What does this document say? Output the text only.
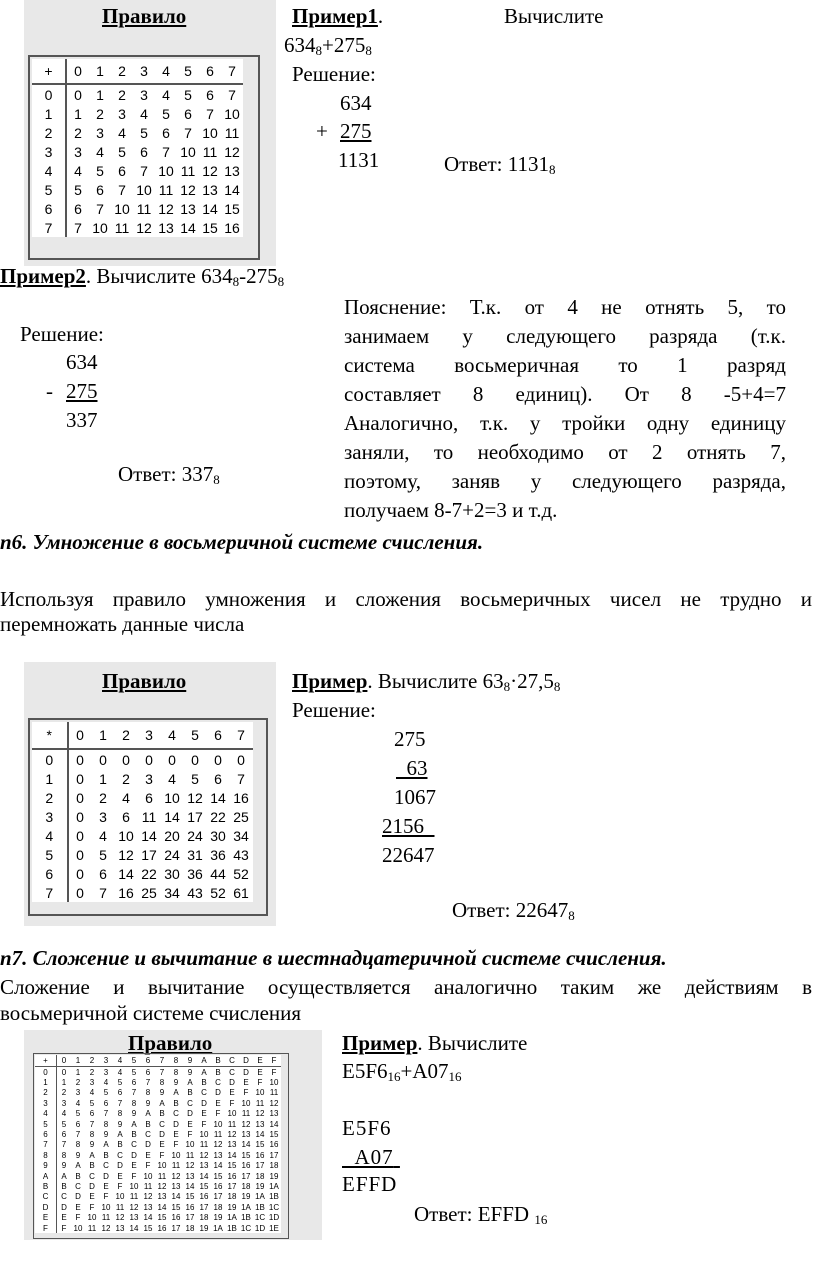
Правило
+	0	1	2	3	4	5	6	7
0	0	1	2	3	4	5	6	7
1	1	2	3	4	5	6	7	10
2	2	3	4	5	6	7	10	11
3	3	4	5	6	7	10	11	12
4	4	5	6	7	10	11	12	13
5	5	6	7	10	11	12	13	14
6	6	7	10	11	12	13	14	15
7	7	10	11	12	13	14	15	16
Пример1.	Вычислите
$634_8+275_8$
Решение:
634
+ 275
1131	Ответ: $1131_8$
Пример2. Вычислите $634_8-275_8$
Решение:
634
- 275
337
Ответ: $337_8$
Пояснение: Т.к. от 4 не отнять 5, то
занимаем у следующего разряда (т.к.
система восьмеричная то 1 разряд
составляет 8 единиц). От 8 -5+4=7
Аналогично, т.к. у тройки одну единицу
заняли, то необходимо от 2 отнять 7,
поэтому, заняв у следующего разряда,
получаем 8-7+2=3 и т.д.
п6. Умножение в восьмеричной системе счисления.
Используя правило умножения и сложения восьмеричных чисел не трудно и
перемножать данные числа
Правило
*	0	1	2	3	4	5	6	7
0	0	0	0	0	0	0	0	0
1	0	1	2	3	4	5	6	7
2	0	2	4	6	10	12	14	16
3	0	3	6	11	14	17	22	25
4	0	4	10	14	20	24	30	34
5	0	5	12	17	24	31	36	43
6	0	6	14	22	30	36	44	52
7	0	7	16	25	34	43	52	61
Пример. Вычислите $63_8\cdot 27,5_8$
Решение:
275
63
1067
2156
22647
Ответ: $22647_8$
п7. Сложение и вычитание в шестнадцатеричной системе счисления.
Сложение и вычитание осуществляется аналогично таким же действиям в
восьмеричной системе счисления
Правило
+	0	1	2	3	4	5	6	7	8	9	A	B	C	D	E	F
0	0	1	2	3	4	5	6	7	8	9	A	B	C	D	E	F
1	1	2	3	4	5	6	7	8	9	A	B	C	D	E	F	10
2	2	3	4	5	6	7	8	9	A	B	C	D	E	F	10	11
3	3	4	5	6	7	8	9	A	B	C	D	E	F	10	11	12
4	4	5	6	7	8	9	A	B	C	D	E	F	10	11	12	13
5	5	6	7	8	9	A	B	C	D	E	F	10	11	12	13	14
6	6	7	8	9	A	B	C	D	E	F	10	11	12	13	14	15
7	7	8	9	A	B	C	D	E	F	10	11	12	13	14	15	16
8	8	9	A	B	C	D	E	F	10	11	12	13	14	15	16	17
9	9	A	B	C	D	E	F	10	11	12	13	14	15	16	17	18
A	A	B	C	D	E	F	10	11	12	13	14	15	16	17	18	19
B	B	C	D	E	F	10	11	12	13	14	15	16	17	18	19	1A
C	C	D	E	F	10	11	12	13	14	15	16	17	18	19	1A	1B
D	D	E	F	10	11	12	13	14	15	16	17	18	19	1A	1B	1C
E	E	F	10	11	12	13	14	15	16	17	18	19	1A	1B	1C	1D
F	F	10	11	12	13	14	15	16	17	18	19	1A	1B	1C	1D	1E
Пример. Вычислите
$E5F6_{16}+A07_{16}$
E5F6
A07
EFFD
Ответ: EFFD $_{16}$
